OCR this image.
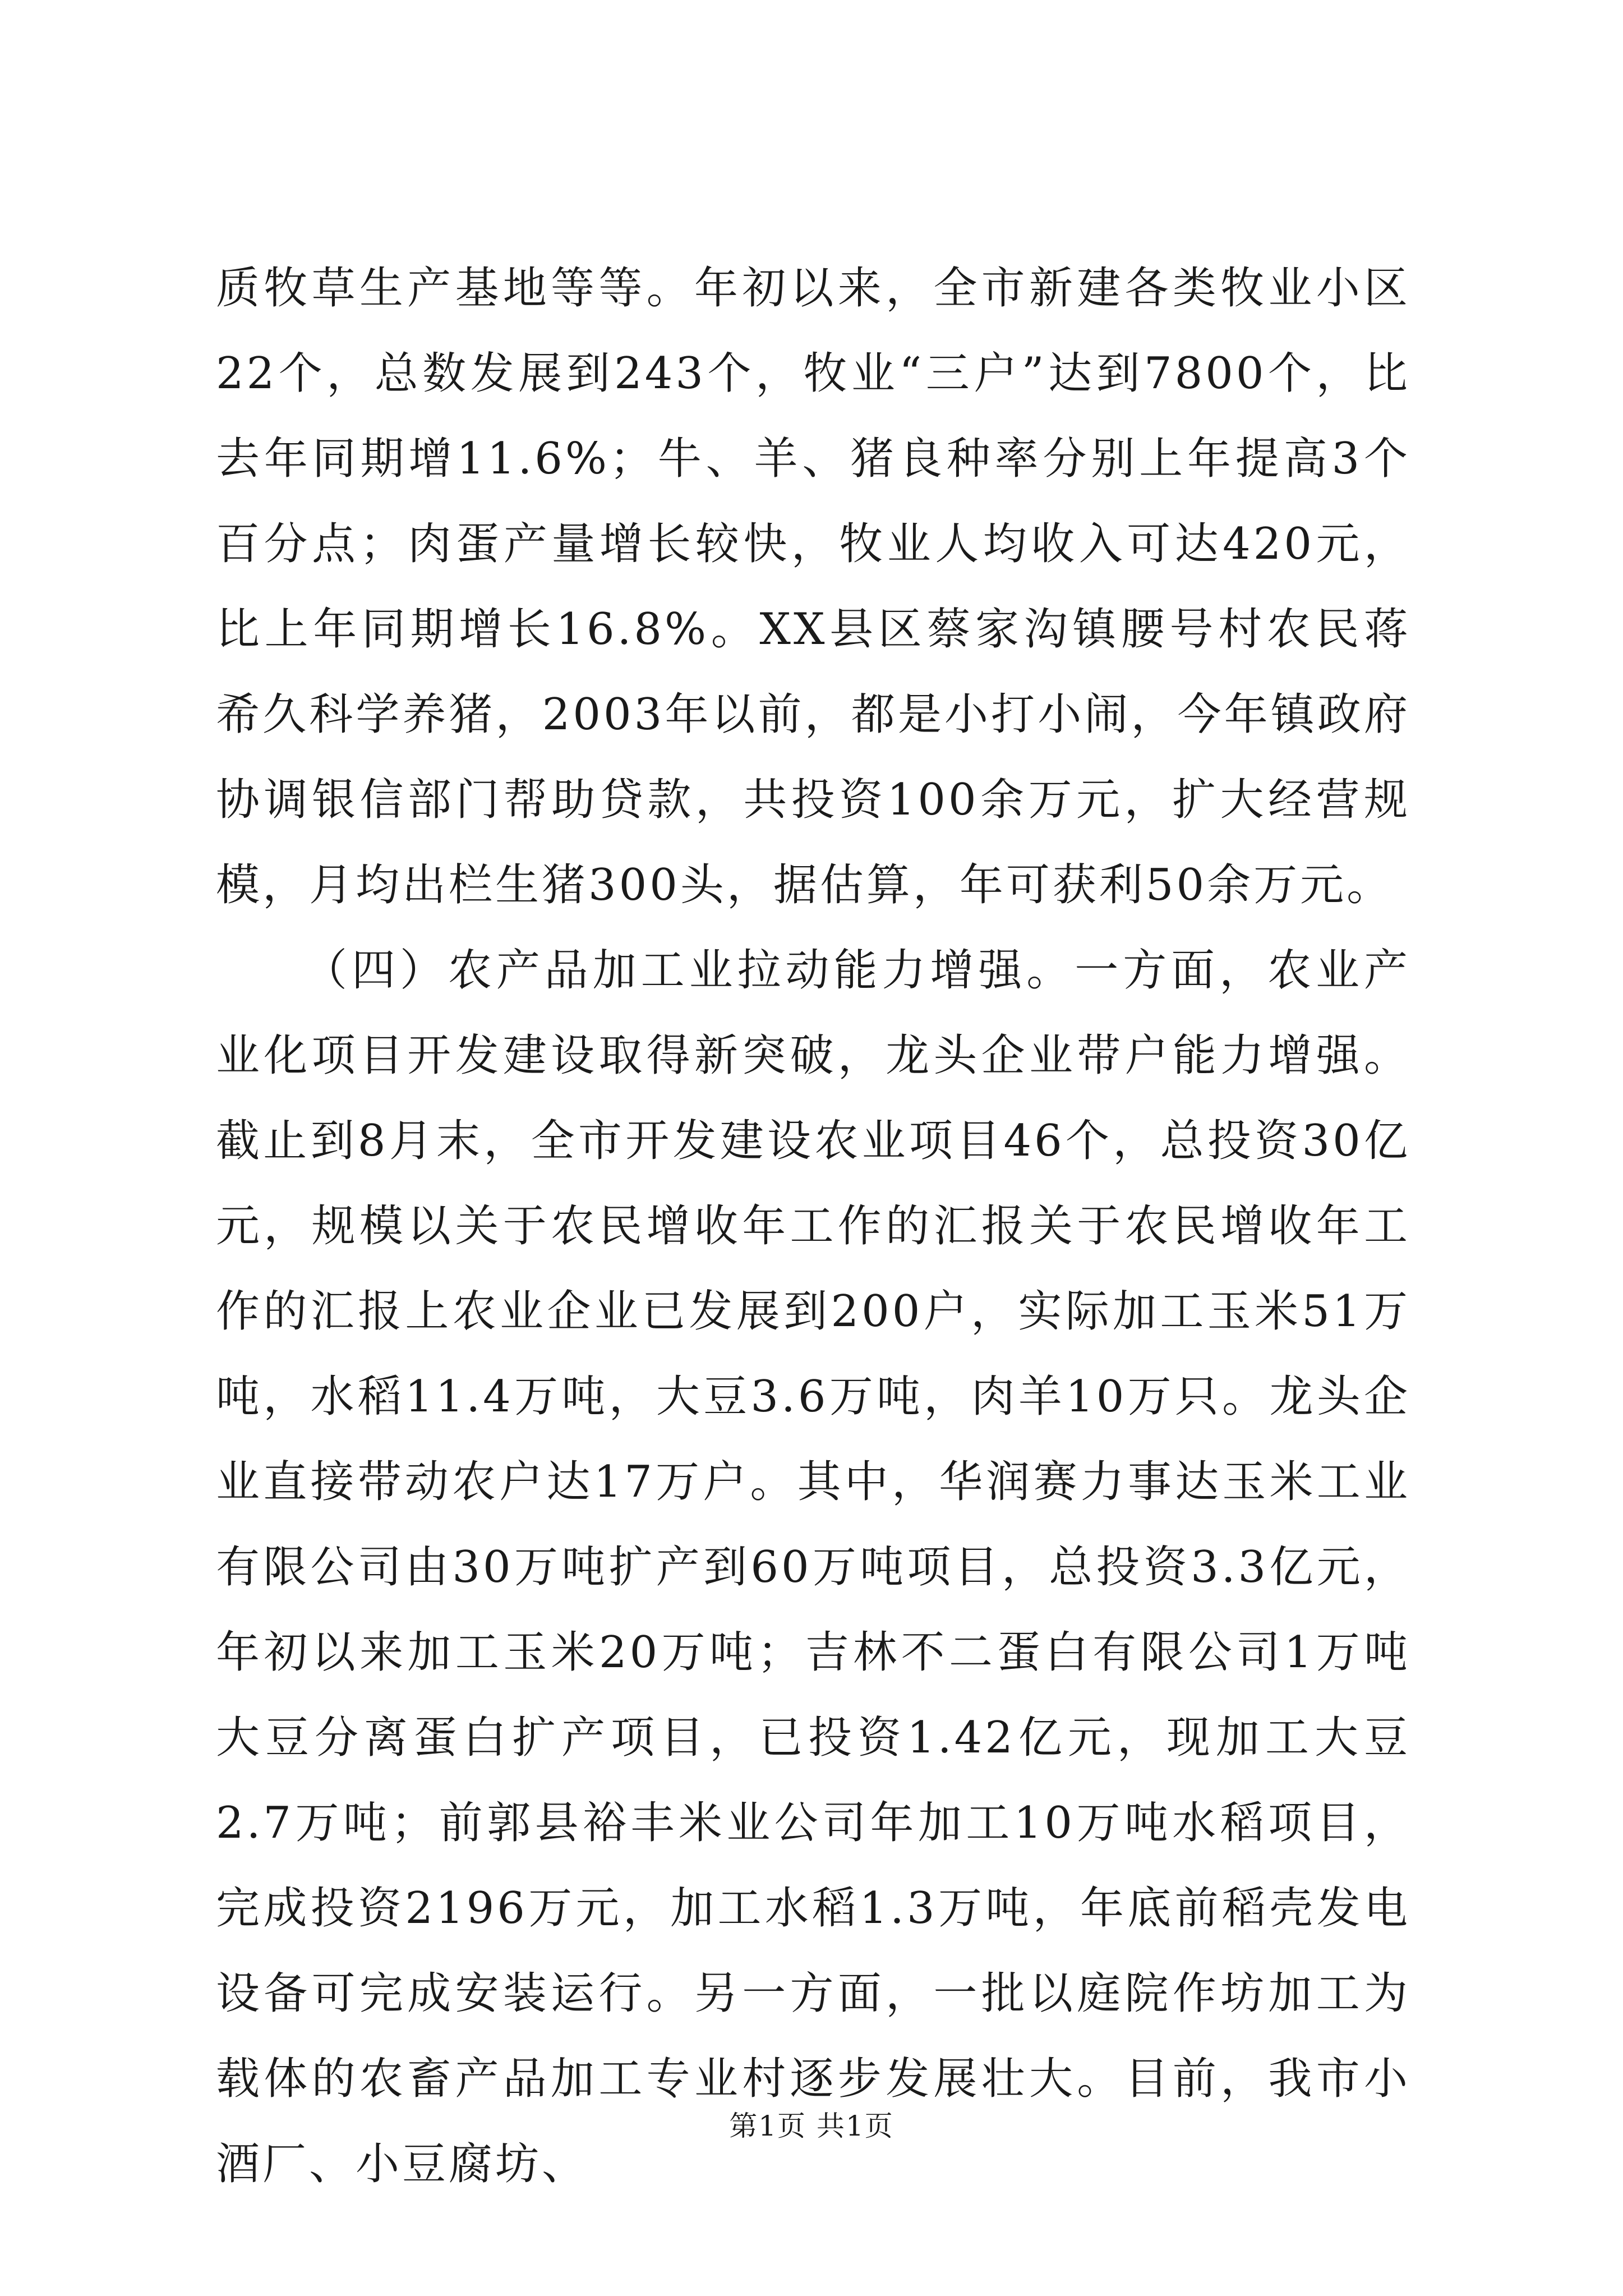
质牧草生产基地等等。年初以来，全市新建各类牧业小区22个，总数发展到243个，牧业“三户”达到7800个，比去年同期增11.6%；牛、羊、猪良种率分别上年提高3个百分点；肉蛋产量增长较快，牧业人均收入可达420元，比上年同期增长16.8%。XX县区蔡家沟镇腰号村农民蒋希久科学养猪，2003年以前，都是小打小闹，今年镇政府协调银信部门帮助贷款，共投资100余万元，扩大经营规模，月均出栏生猪300头，据估算，年可获利50余万元。

（四）农产品加工业拉动能力增强。一方面，农业产业化项目开发建设取得新突破，龙头企业带户能力增强。截止到8月末，全市开发建设农业项目46个，总投资30亿元，规模以关于农民增收年工作的汇报关于农民增收年工作的汇报上农业企业已发展到200户，实际加工玉米51万吨，水稻11.4万吨，大豆3.6万吨，肉羊10万只。龙头企业直接带动农户达17万户。其中，华润赛力事达玉米工业有限公司由30万吨扩产到60万吨项目，总投资3.3亿元，年初以来加工玉米20万吨；吉林不二蛋白有限公司1万吨大豆分离蛋白扩产项目，已投资1.42亿元，现加工大豆2.7万吨；前郭县裕丰米业公司年加工10万吨水稻项目，完成投资2196万元，加工水稻1.3万吨，年底前稻壳发电设备可完成安装运行。另一方面，一批以庭院作坊加工为载体的农畜产品加工专业村逐步发展壮大。目前，我市小酒厂、小豆腐坊、

第1页 共1页
